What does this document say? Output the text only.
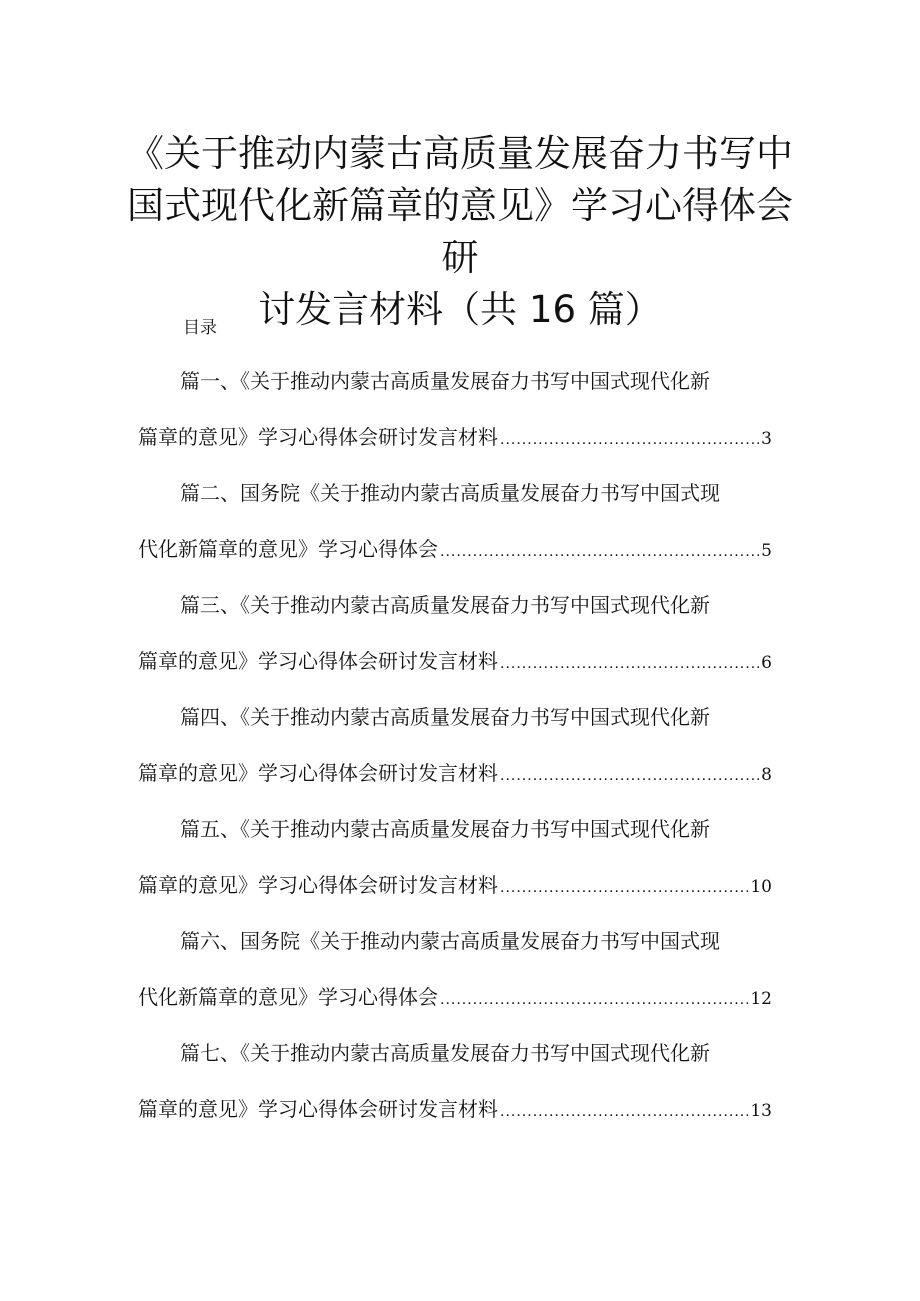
《关于推动内蒙古高质量发展奋力书写中
国式现代化新篇章的意见》学习心得体会研
讨发言材料（共 16 篇）
目录
篇一、《关于推动内蒙古高质量发展奋力书写中国式现代化新
篇章的意见》学习心得体会研讨发言材料 .....	3
篇二、国务院《关于推动内蒙古高质量发展奋力书写中国式现
代化新篇章的意见》学习心得体会 .....	5
篇三、《关于推动内蒙古高质量发展奋力书写中国式现代化新
篇章的意见》学习心得体会研讨发言材料 .....	6
篇四、《关于推动内蒙古高质量发展奋力书写中国式现代化新
篇章的意见》学习心得体会研讨发言材料 .....	8
篇五、《关于推动内蒙古高质量发展奋力书写中国式现代化新
篇章的意见》学习心得体会研讨发言材料 .....	10
篇六、国务院《关于推动内蒙古高质量发展奋力书写中国式现
代化新篇章的意见》学习心得体会 .....	12
篇七、《关于推动内蒙古高质量发展奋力书写中国式现代化新
篇章的意见》学习心得体会研讨发言材料 .....	13
